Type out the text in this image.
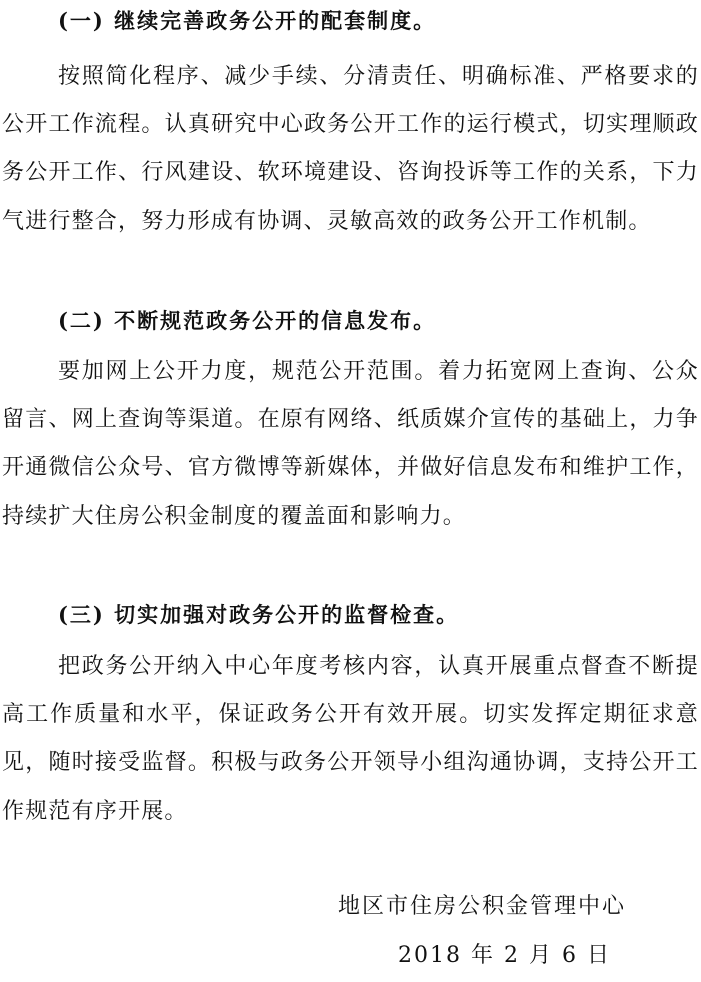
(一) 继续完善政务公开的配套制度。
按照简化程序、减少手续、分清责任、明确标准、严格要求的公开工作流程。认真研究中心政务公开工作的运行模式，切实理顺政务公开工作、行风建设、软环境建设、咨询投诉等工作的关系，下力气进行整合，努力形成有协调、灵敏高效的政务公开工作机制。
(二) 不断规范政务公开的信息发布。
要加网上公开力度，规范公开范围。着力拓宽网上查询、公众留言、网上查询等渠道。在原有网络、纸质媒介宣传的基础上，力争开通微信公众号、官方微博等新媒体，并做好信息发布和维护工作，持续扩大住房公积金制度的覆盖面和影响力。
(三) 切实加强对政务公开的监督检查。
把政务公开纳入中心年度考核内容，认真开展重点督查不断提高工作质量和水平，保证政务公开有效开展。切实发挥定期征求意见，随时接受监督。积极与政务公开领导小组沟通协调，支持公开工作规范有序开展。
地区市住房公积金管理中心
2018 年 2 月 6 日
